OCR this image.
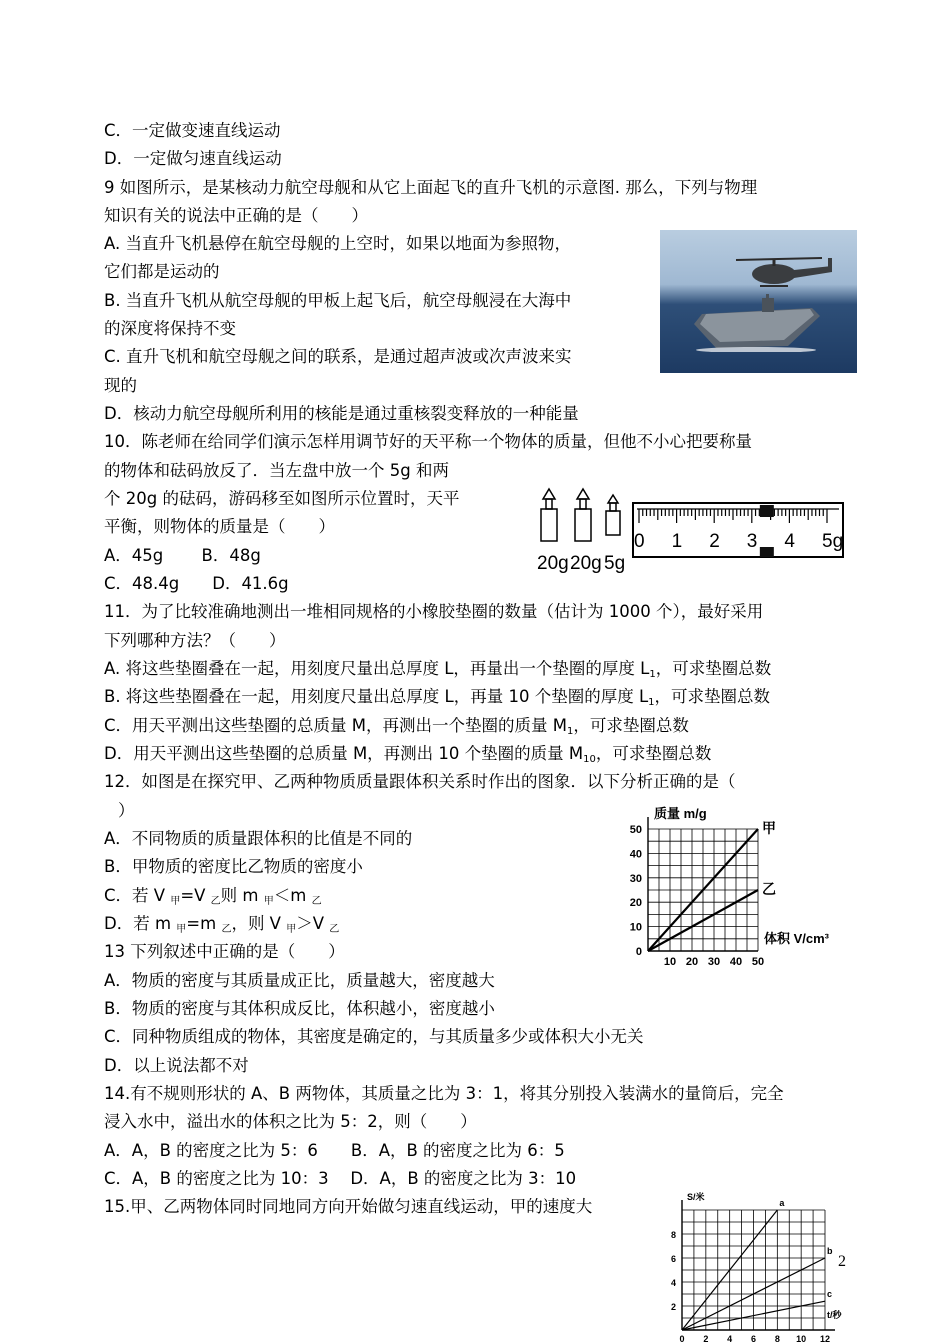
C．一定做变速直线运动
D．一定做匀速直线运动
9 如图所示，是某核动力航空母舰和从它上面起飞的直升飞机的示意图. 那么，下列与物理
知识有关的说法中正确的是（　　）
A. 当直升飞机悬停在航空母舰的上空时，如果以地面为参照物，
它们都是运动的
B. 当直升飞机从航空母舰的甲板上起飞后，航空母舰浸在大海中
的深度将保持不变
C. 直升飞机和航空母舰之间的联系，是通过超声波或次声波来实
现的
D．核动力航空母舰所利用的核能是通过重核裂变释放的一种能量
10．陈老师在给同学们演示怎样用调节好的天平称一个物体的质量，但他不小心把要称量
的物体和砝码放反了．当左盘中放一个 5g 和两
个 20g 的砝码，游码移至如图所示位置时，天平
平衡，则物体的质量是（　　）
A．45g　　 B．48g
C．48.4g　　D．41.6g
11．为了比较准确地测出一堆相同规格的小橡胶垫圈的数量（估计为 1000 个），最好采用
下列哪种方法？（　　）
A. 将这些垫圈叠在一起，用刻度尺量出总厚度 L，再量出一个垫圈的厚度 $L_1$，可求垫圈总数
B. 将这些垫圈叠在一起，用刻度尺量出总厚度 L，再量 10 个垫圈的厚度 $L_1$，可求垫圈总数
C．用天平测出这些垫圈的总质量 M，再测出一个垫圈的质量 $M_1$，可求垫圈总数
D．用天平测出这些垫圈的总质量 M，再测出 10 个垫圈的质量 $M_{10}$，可求垫圈总数
12．如图是在探究甲、乙两种物质质量跟体积关系时作出的图象．以下分析正确的是（
）
A．不同物质的质量跟体积的比值是不同的
B．甲物质的密度比乙物质的密度小
C．若 V $_甲$=V $_乙$则 m $_甲$＜m $_乙$
D．若 m $_甲$=m $_乙$，则 V $_甲$＞V $_乙$
13 下列叙述中正确的是（　　）
A．物质的密度与其质量成正比，质量越大，密度越大
B．物质的密度与其体积成反比，体积越小，密度越小
C．同种物质组成的物体，其密度是确定的，与其质量多少或体积大小无关
D．以上说法都不对
14.有不规则形状的 A、B 两物体，其质量之比为 3：1，将其分别投入装满水的量筒后，完全
浸入水中，溢出水的体积之比为 5：2，则（　　）
A．A，B 的密度之比为 5：6　　B．A，B 的密度之比为 6：5
C．A，B 的密度之比为 10：3　 D．A，B 的密度之比为 3：10
15.甲、乙两物体同时同地同方向开始做匀速直线运动，甲的速度大
20g 20g 5g
0 1 2 3 4 5g
0
10
20
30
40
50
10 20 30 40 50
甲
乙
质量 m/g
体积 V/cm³
2
4
6
8
0 2 4 6 8 10 12
a
b
c
S/米
t/秒
2
